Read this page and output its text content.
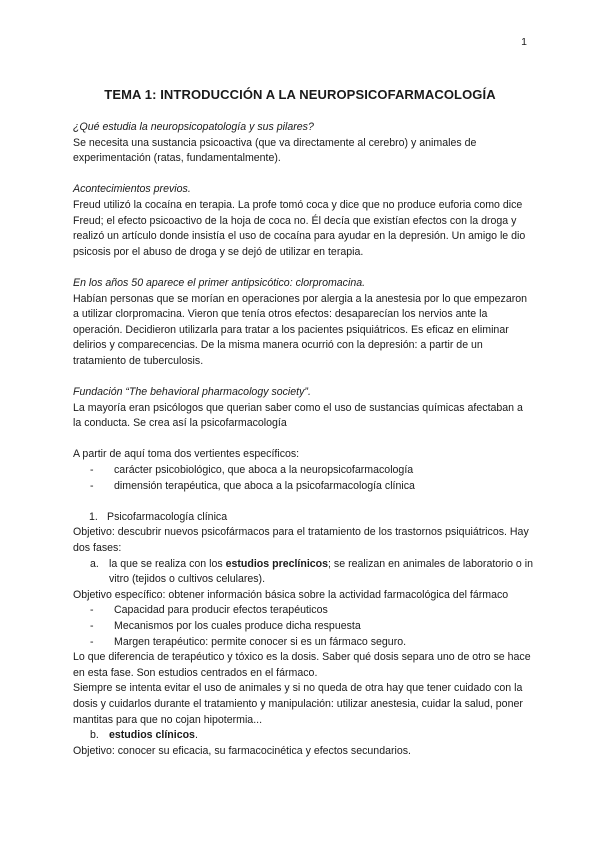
1
TEMA 1: INTRODUCCIÓN A LA NEUROPSICOFARMACOLOGÍA

¿Qué estudia la neuropsicopatología y sus pilares?

Se necesita una sustancia psicoactiva (que va directamente al cerebro) y animales de experimentación (ratas, fundamentalmente).

Acontecimientos previos.

Freud utilizó la cocaína en terapia. La profe tomó coca y dice que no produce euforia como dice Freud; el efecto psicoactivo de la hoja de coca no. Él decía que existían efectos con la droga y realizó un artículo donde insistía el uso de cocaína para ayudar en la depresión. Un amigo le dio psicosis por el abuso de droga y se dejó de utilizar en terapia.

En los años 50 aparece el primer antipsicótico: clorpromacina.

Habían personas que se morían en operaciones por alergia a la anestesia por lo que empezaron a utilizar clorpromacina. Vieron que tenía otros efectos: desaparecían los nervios ante la operación. Decidieron utilizarla para tratar a los pacientes psiquiátricos. Es eficaz en eliminar delirios y comparecencias. De la misma manera ocurrió con la depresión: a partir de un tratamiento de tuberculosis.

Fundación “The behavioral pharmacology society”.

La mayoría eran psicólogos que querian saber como el uso de sustancias químicas afectaban a la conducta. Se crea así la psicofarmacología

A partir de aquí toma dos vertientes específicos:

- carácter psicobiológico, que aboca a la neuropsicofarmacología
- dimensión terapéutica, que aboca a la psicofarmacología clínica

1. Psicofarmacología clínica

Objetivo: descubrir nuevos psicofármacos para el tratamiento de los trastornos psiquiátricos. Hay dos fases:

a. la que se realiza con los estudios preclínicos; se realizan en animales de laboratorio o in vitro (tejidos o cultivos celulares).

Objetivo específico: obtener información básica sobre la actividad farmacológica del fármaco

- Capacidad para producir efectos terapéuticos
- Mecanismos por los cuales produce dicha respuesta
- Margen terapéutico: permite conocer si es un fármaco seguro.

Lo que diferencia de terapéutico y tóxico es la dosis. Saber qué dosis separa uno de otro se hace en esta fase. Son estudios centrados en el fármaco.

Siempre se intenta evitar el uso de animales y si no queda de otra hay que tener cuidado con la dosis y cuidarlos durante el tratamiento y manipulación: utilizar anestesia, cuidar la salud, poner mantitas para que no cojan hipotermia...

b. estudios clínicos.

Objetivo: conocer su eficacia, su farmacocinética y efectos secundarios.
